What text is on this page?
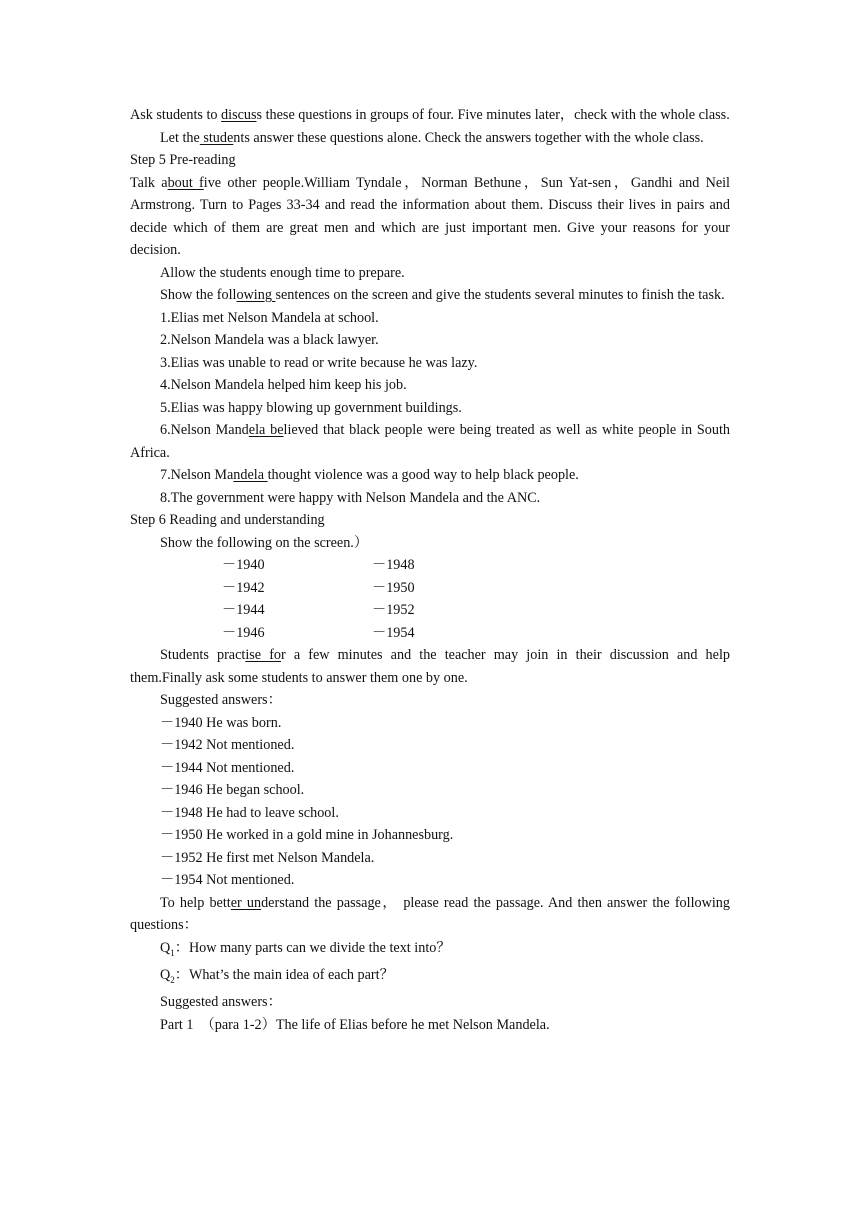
Ask students to discuss these questions in groups of four. Five minutes later，check with the whole class.

Let the students answer these questions alone. Check the answers together with the whole class.

Step 5 Pre-reading

Talk about five other people.William Tyndale，Norman Bethune，Sun Yat-sen，Gandhi and Neil Armstrong. Turn to Pages 33-34 and read the information about them. Discuss their lives in pairs and decide which of them are great men and which are just important men. Give your reasons for your decision.

Allow the students enough time to prepare.

Show the following sentences on the screen and give the students several minutes to finish the task.

1.Elias met Nelson Mandela at school.

2.Nelson Mandela was a black lawyer.

3.Elias was unable to read or write because he was lazy.

4.Nelson Mandela helped him keep his job.

5.Elias was happy blowing up government buildings.

6.Nelson Mandela believed that black people were being treated as well as white people in South Africa.

7.Nelson Mandela thought violence was a good way to help black people.

8.The government were happy with Nelson Mandela and the ANC.

Step 6 Reading and understanding

Show the following on the screen.）

－1940	－1948
－1942	－1950
－1944	－1952
－1946	－1954

Students practise for a few minutes and the teacher may join in their discussion and help them.Finally ask some students to answer them one by one.

Suggested answers：

－1940 He was born.

－1942 Not mentioned.

－1944 Not mentioned.

－1946 He began school.

－1948 He had to leave school.

－1950 He worked in a gold mine in Johannesburg.

－1952 He first met Nelson Mandela.

－1954 Not mentioned.

To help better understand the passage， please read the passage. And then answer the following questions：

$Q_1$：How many parts can we divide the text into？

$Q_2$：What’s the main idea of each part？

Suggested answers：

Part 1　（para 1-2）The life of Elias before he met Nelson Mandela.
